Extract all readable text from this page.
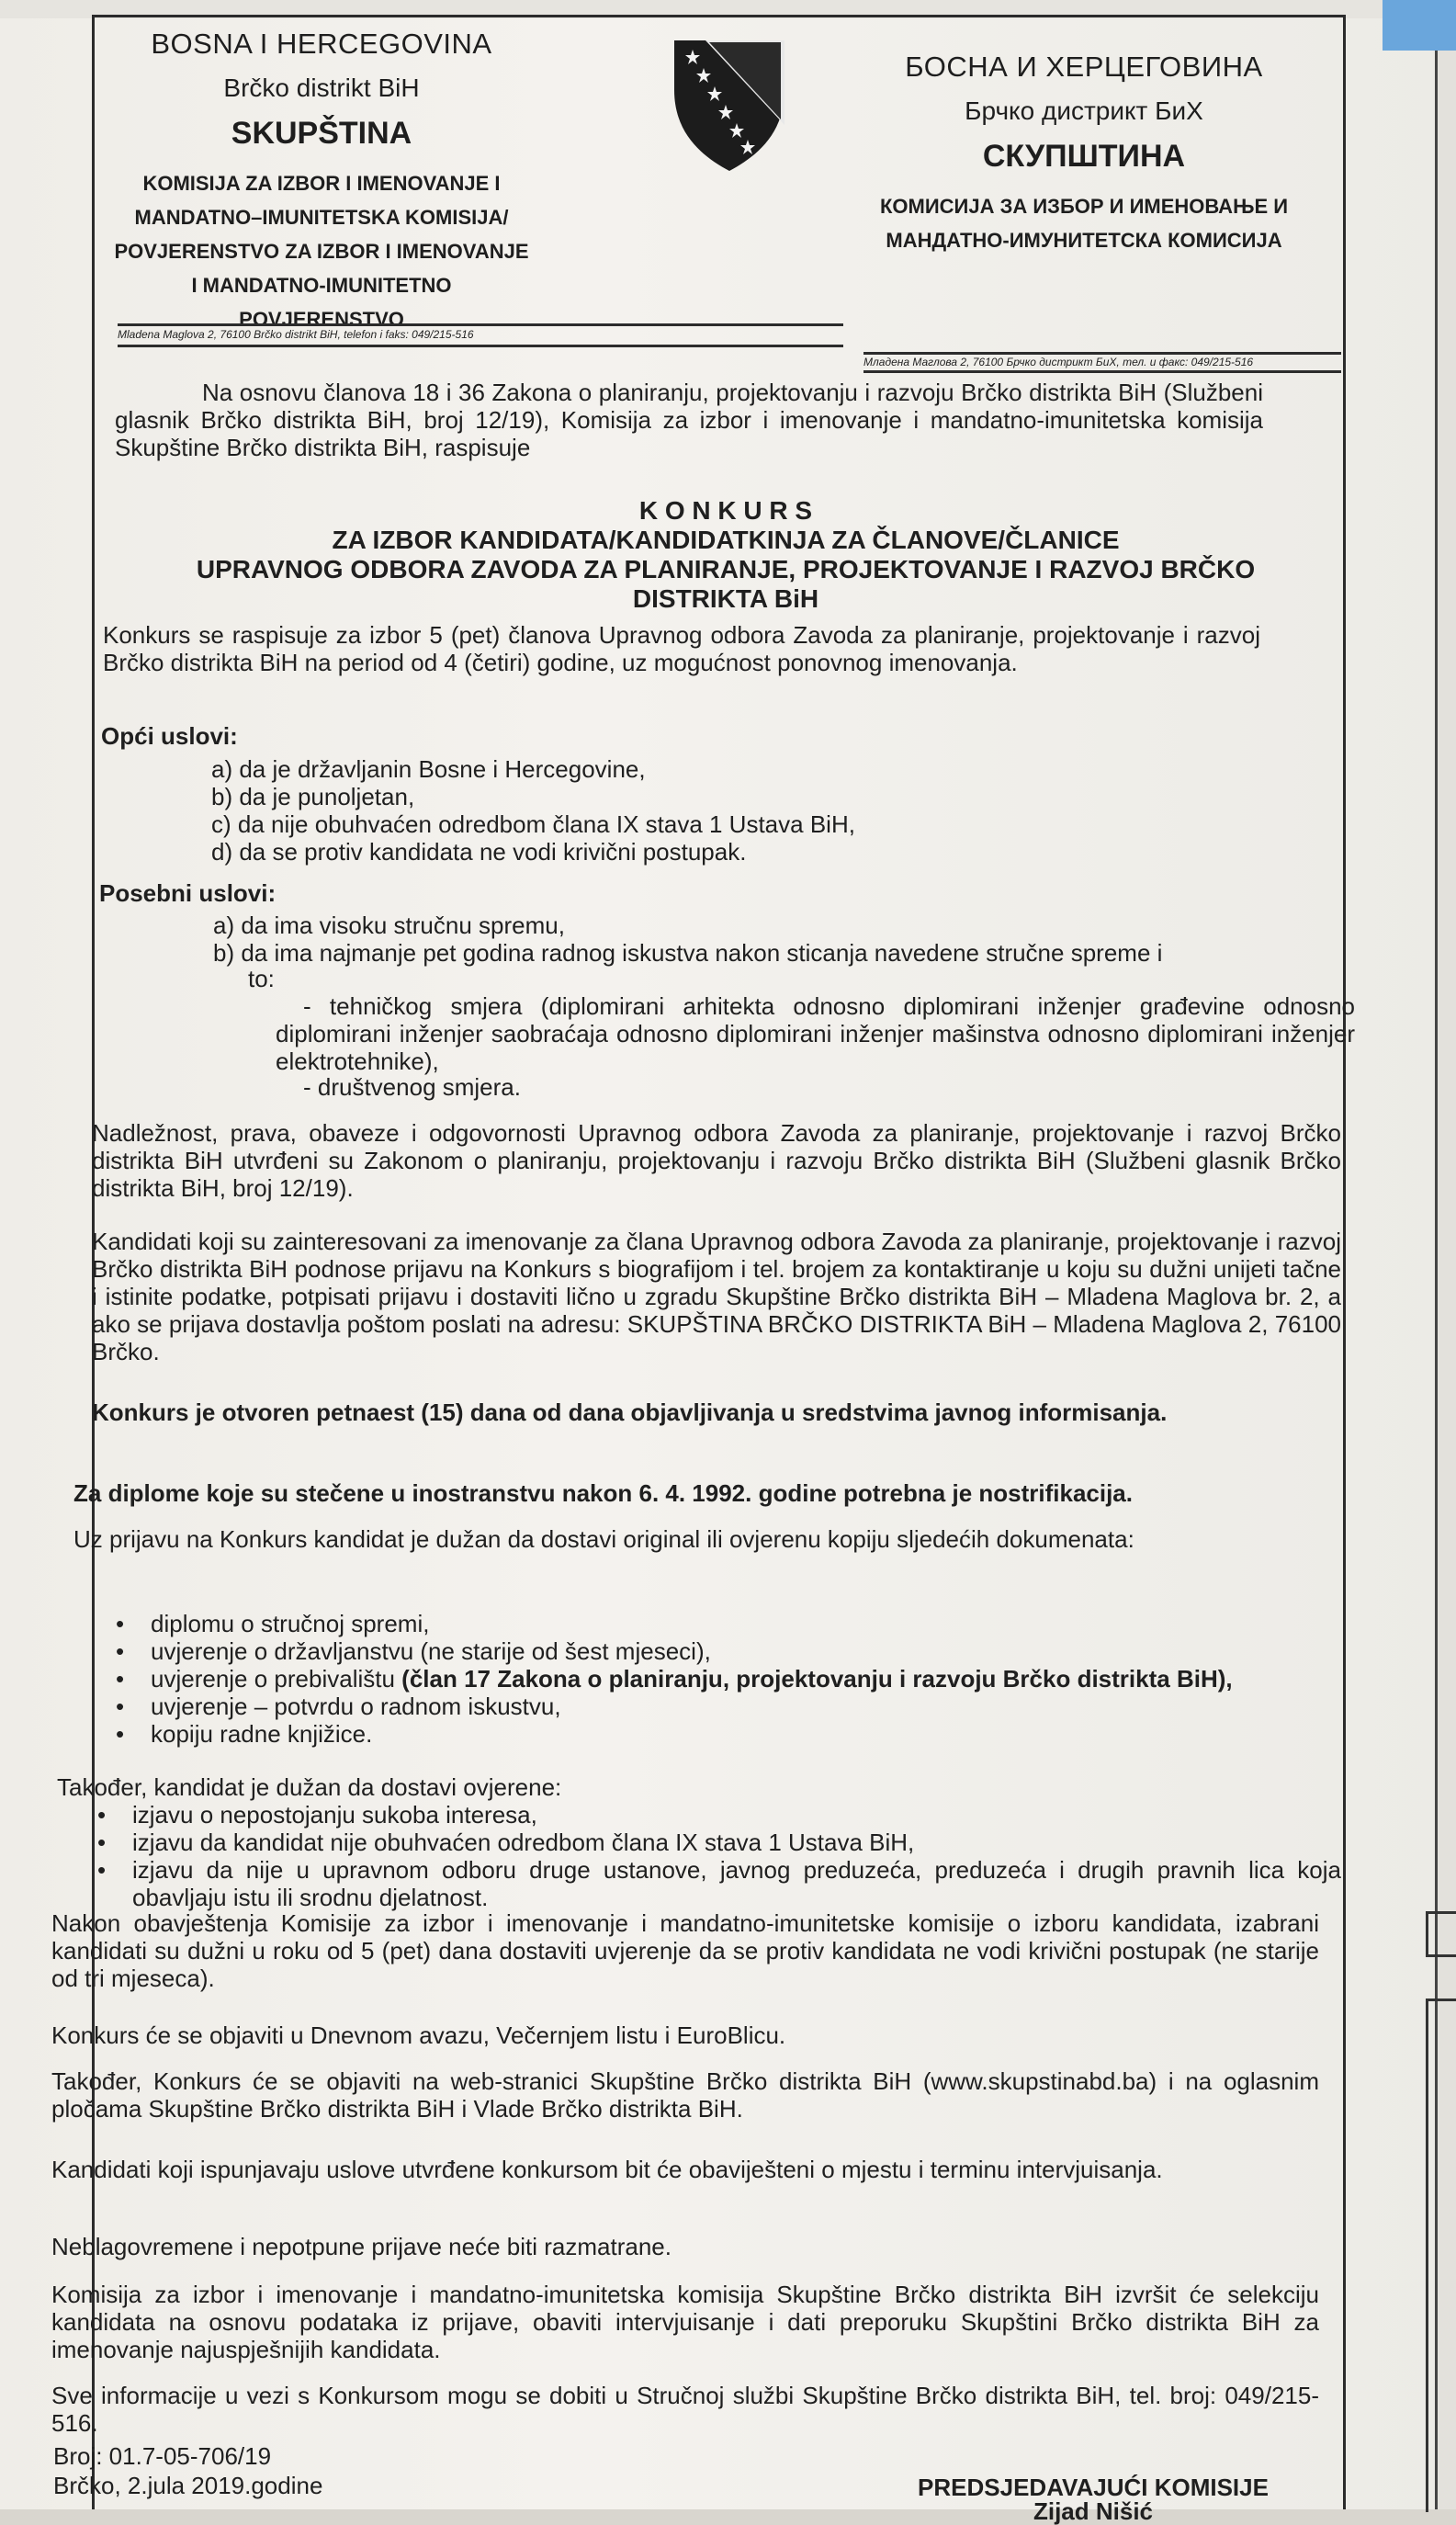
BOSNA I HERCEGOVINA
Brčko distrikt BiH
SKUPŠTINA
KOMISIJA ZA IZBOR I IMENOVANJE I
MANDATNO–IMUNITETSKA KOMISIJA/
POVJERENSTVO ZA IZBOR I IMENOVANJE
I MANDATNO-IMUNITETNO
POVJERENSTVO
БОСНА И ХЕРЦЕГОВИНА
Брчко дистрикт БиХ
СКУПШТИНА
КОМИСИЈА ЗА ИЗБОР И ИМЕНОВАЊЕ И
МАНДАТНО-ИМУНИТЕТСКА КОМИСИЈА
Mladena Maglova 2, 76100 Brčko distrikt BiH, telefon i faks: 049/215-516
Младена Маглова 2, 76100 Брчко дистрикт БиХ, тел. и факс: 049/215-516
Na osnovu članova 18 i 36 Zakona o planiranju, projektovanju i razvoju Brčko distrikta BiH (Službeni glasnik Brčko distrikta BiH, broj 12/19), Komisija za izbor i imenovanje i mandatno-imunitetska komisija Skupštine Brčko distrikta BiH, raspisuje
K O N K U R S
ZA IZBOR KANDIDATA/KANDIDATKINJA ZA ČLANOVE/ČLANICE
UPRAVNOG ODBORA ZAVODA ZA PLANIRANJE, PROJEKTOVANJE I RAZVOJ BRČKO
DISTRIKTA BiH
Konkurs se raspisuje za izbor 5 (pet) članova Upravnog odbora Zavoda za planiranje, projektovanje i razvoj Brčko distrikta BiH na period od 4 (četiri) godine, uz mogućnost ponovnog imenovanja.
Opći uslovi:
a) da je državljanin Bosne i Hercegovine,
b) da je punoljetan,
c) da nije obuhvaćen odredbom člana IX stava 1 Ustava BiH,
d) da se protiv kandidata ne vodi krivični postupak.
Posebni uslovi:
a) da ima visoku stručnu spremu,
b) da ima najmanje pet godina radnog iskustva nakon sticanja navedene stručne spreme i
to:
- tehničkog smjera (diplomirani arhitekta odnosno diplomirani inženjer građevine odnosno diplomirani inženjer saobraćaja odnosno diplomirani inženjer mašinstva odnosno diplomirani inženjer elektrotehnike),
- društvenog smjera.
Nadležnost, prava, obaveze i odgovornosti Upravnog odbora Zavoda za planiranje, projektovanje i razvoj Brčko distrikta BiH utvrđeni su Zakonom o planiranju, projektovanju i razvoju Brčko distrikta BiH (Službeni glasnik Brčko distrikta BiH, broj 12/19).
Kandidati koji su zainteresovani za imenovanje za člana Upravnog odbora Zavoda za planiranje, projektovanje i razvoj Brčko distrikta BiH podnose prijavu na Konkurs s biografijom i tel. brojem za kontaktiranje u koju su dužni unijeti tačne i istinite podatke, potpisati prijavu i dostaviti lično u zgradu Skupštine Brčko distrikta BiH – Mladena Maglova br. 2, a ako se prijava dostavlja poštom poslati na adresu: SKUPŠTINA BRČKO DISTRIKTA BiH – Mladena Maglova 2, 76100 Brčko.
Konkurs je otvoren petnaest (15) dana od dana objavljivanja u sredstvima javnog informisanja.
Za diplome koje su stečene u inostranstvu nakon 6. 4. 1992. godine potrebna je nostrifikacija.
Uz prijavu na Konkurs kandidat je dužan da dostavi original ili ovjerenu kopiju sljedećih dokumenata:
• diplomu o stručnoj spremi,
• uvjerenje o državljanstvu (ne starije od šest mjeseci),
• uvjerenje o prebivalištu (član 17 Zakona o planiranju, projektovanju i razvoju Brčko distrikta BiH),
• uvjerenje – potvrdu o radnom iskustvu,
• kopiju radne knjižice.
Također, kandidat je dužan da dostavi ovjerene:
• izjavu o nepostojanju sukoba interesa,
• izjavu da kandidat nije obuhvaćen odredbom člana IX stava 1 Ustava BiH,
• izjavu da nije u upravnom odboru druge ustanove, javnog preduzeća, preduzeća i drugih pravnih lica koja obavljaju istu ili srodnu djelatnost.
Nakon obavještenja Komisije za izbor i imenovanje i mandatno-imunitetske komisije o izboru kandidata, izabrani kandidati su dužni u roku od 5 (pet) dana dostaviti uvjerenje da se protiv kandidata ne vodi krivični postupak (ne starije od tri mjeseca).
Konkurs će se objaviti u Dnevnom avazu, Večernjem listu i EuroBlicu.
Također, Konkurs će se objaviti na web-stranici Skupštine Brčko distrikta BiH (www.skupstinabd.ba) i na oglasnim pločama Skupštine Brčko distrikta BiH i Vlade Brčko distrikta BiH.
Kandidati koji ispunjavaju uslove utvrđene konkursom bit će obaviješteni o mjestu i terminu intervjuisanja.
Neblagovremene i nepotpune prijave neće biti razmatrane.
Komisija za izbor i imenovanje i mandatno-imunitetska komisija Skupštine Brčko distrikta BiH izvršit će selekciju kandidata na osnovu podataka iz prijave, obaviti intervjuisanje i dati preporuku Skupštini Brčko distrikta BiH za imenovanje najuspješnijih kandidata.
Sve informacije u vezi s Konkursom mogu se dobiti u Stručnoj službi Skupštine Brčko distrikta BiH, tel. broj: 049/215-516.
Broj: 01.7-05-706/19
Brčko, 2.jula 2019.godine	PREDSJEDAVAJUĆI KOMISIJE
Zijad Nišić
